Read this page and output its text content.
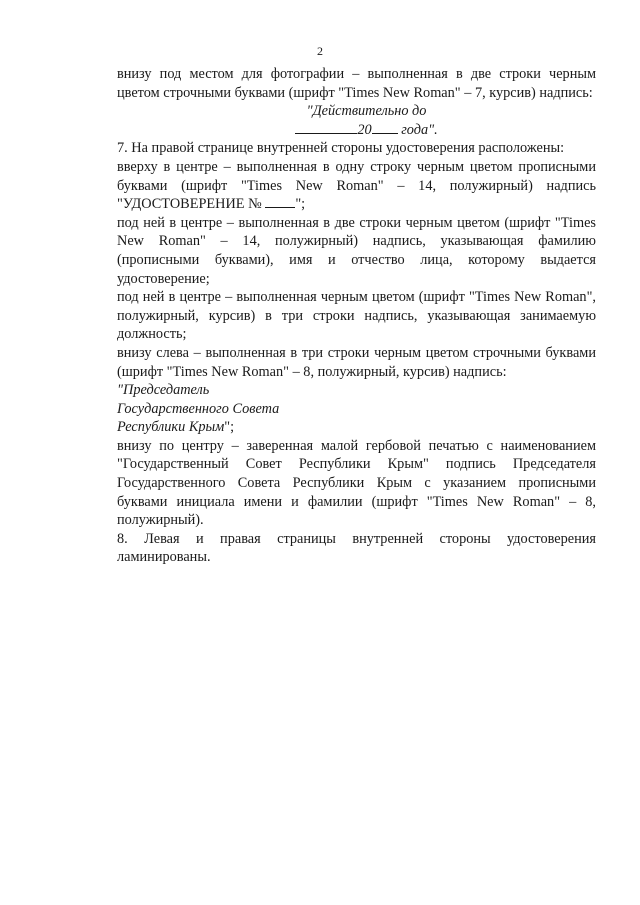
2

внизу под местом для фотографии – выполненная в две строки черным цветом строчными буквами (шрифт "Times New Roman" – 7, курсив) надпись:

"Действительно до

20 года".

7. На правой странице внутренней стороны удостоверения расположены:

вверху в центре – выполненная в одну строку черным цветом прописными буквами (шрифт "Times New Roman" – 14, полужирный) надпись "УДОСТОВЕРЕНИЕ № ";

под ней в центре – выполненная в две строки черным цветом (шрифт "Times New Roman" – 14, полужирный) надпись, указывающая фамилию (прописными буквами), имя и отчество лица, которому выдается удостоверение;

под ней в центре – выполненная черным цветом (шрифт "Times New Roman", полужирный, курсив) в три строки надпись, указывающая занимаемую должность;

внизу слева – выполненная в три строки черным цветом строчными буквами (шрифт "Times New Roman" – 8, полужирный, курсив) надпись:

"Председатель

Государственного Совета

Республики Крым";

внизу по центру – заверенная малой гербовой печатью с наименованием "Государственный Совет Республики Крым" подпись Председателя Государственного Совета Республики Крым с указанием прописными буквами инициала имени и фамилии (шрифт "Times New Roman" – 8, полужирный).

8. Левая и правая страницы внутренней стороны удостоверения ламинированы.
